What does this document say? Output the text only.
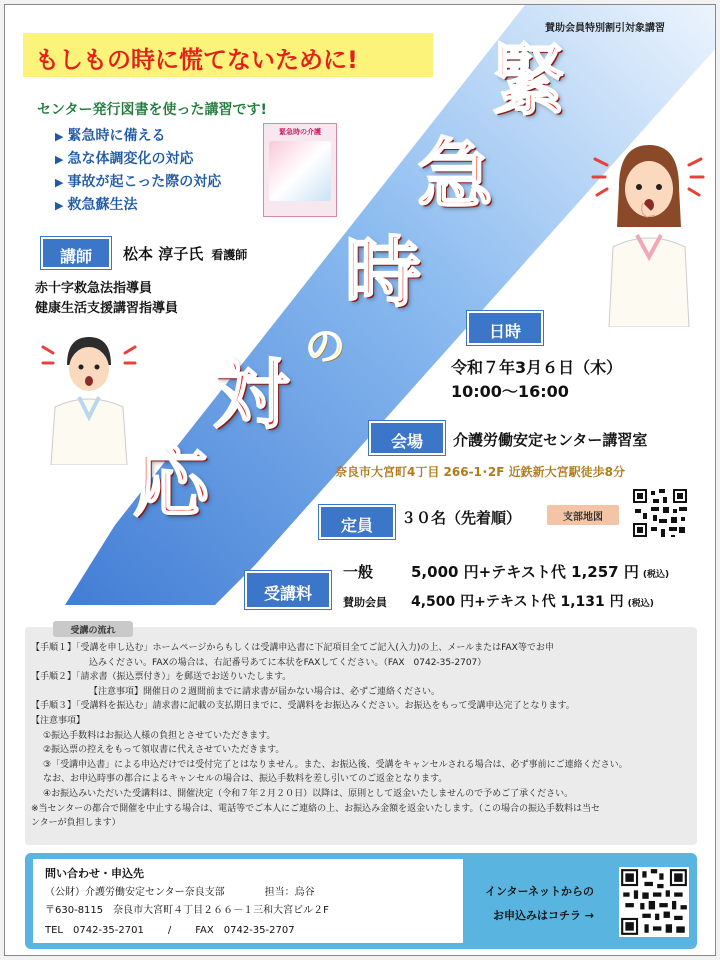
賛助会員特別割引対象講習
もしもの時に慌てないために!
センター発行図書を使った講習です!
▶ 緊急時に備える
▶ 急な体調変化の対応
▶ 事故が起こった際の対応
▶ 救急蘇生法
緊急時の介護
緊
急
時
の
対
応
講師	松本 淳子氏 看護師
赤十字救急法指導員
健康生活支援講習指導員
日時
令和７年3月６日（木）
10:00〜16:00
会場	介護労働安定センター講習室
奈良市大宮町4丁目 266-1･2F 近鉄新大宮駅徒歩8分
定員	３０名（先着順）	支部地図
受講料
一般	5,000 円+テキスト代 1,257 円 (税込)
賛助会員 4,500 円+テキスト代 1,131 円 (税込)
受講の流れ

【手順１】「受講を申し込む」ホームページからもしくは受講申込書に下記項目全てご記入(入力)の上、メールまたはFAX等でお申

込みください。FAXの場合は、右記番号あてに本状をFAXしてください。（FAX　0742-35-2707）

【手順２】「請求書（振込票付き）」を郵送でお送りいたします。

【注意事項】開催日の２週間前までに請求書が届かない場合は、必ずご連絡ください。

【手順３】「受講料を振込む」請求書に記載の支払期日までに、受講料をお振込みください。お振込をもって受講申込完了となります。

【注意事項】

①振込手数料はお振込人様の負担とさせていただきます。

②振込票の控えをもって領収書に代えさせていただきます。

③「受講申込書」による申込だけでは受付完了とはなりません。また、お振込後、受講をキャンセルされる場合は、必ず事前にご連絡ください。

なお、お申込時事の都合によるキャンセルの場合は、振込手数料を差し引いてのご返金となります。

④お振込みいただいた受講料は、開催決定（令和７年２月２０日）以降は、原則として返金いたしませんので予めご了承ください。

※当センターの都合で開催を中止する場合は、電話等でご本人にご連絡の上、お振込み金額を返金いたします。（この場合の振込手数料は当セ

ンターが負担します）

問い合わせ・申込先
（公財）介護労働安定センター奈良支部	担当：烏谷
〒630-8115　奈良市大宮町４丁目２６６－１三和大宮ビル２F
TEL　0742-35-2701 / FAX　0742-35-2707
インターネットからの
お申込みはコチラ →
